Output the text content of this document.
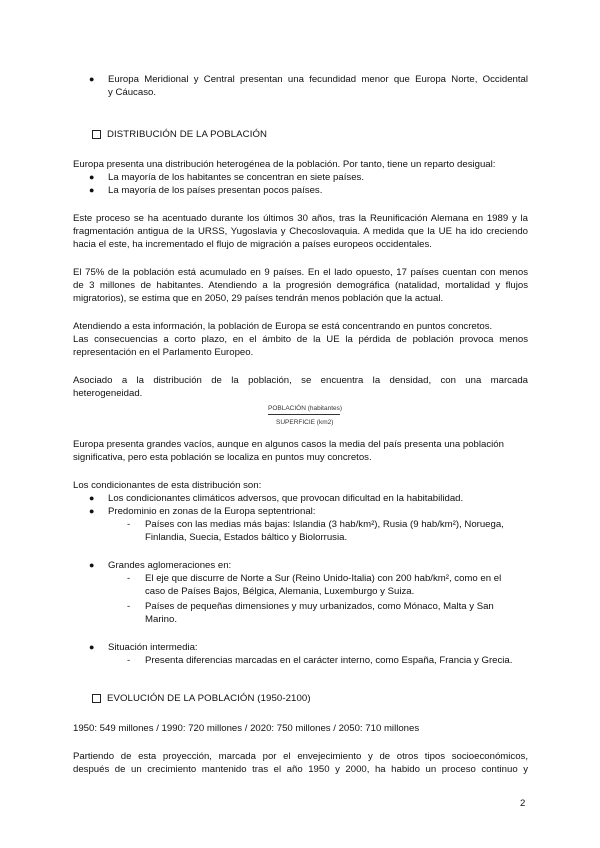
● Europa Meridional y Central presentan una fecundidad menor que Europa Norte, Occidental
y Cáucaso.
DISTRIBUCIÓN DE LA POBLACIÓN
Europa presenta una distribución heterogénea de la población. Por tanto, tiene un reparto desigual:
● La mayoría de los habitantes se concentran en siete países.
● La mayoría de los países presentan pocos países.
Este proceso se ha acentuado durante los últimos 30 años, tras la Reunificación Alemana en 1989 y la
fragmentación antigua de la URSS, Yugoslavia y Checoslovaquia. A medida que la UE ha ido creciendo
hacia el este, ha incrementado el flujo de migración a países europeos occidentales.
El 75% de la población está acumulado en 9 países. En el lado opuesto, 17 países cuentan con menos
de 3 millones de habitantes. Atendiendo a la progresión demográfica (natalidad, mortalidad y flujos
migratorios), se estima que en 2050, 29 países tendrán menos población que la actual.
Atendiendo a esta información, la población de Europa se está concentrando en puntos concretos.
Las consecuencias a corto plazo, en el ámbito de la UE la pérdida de población provoca menos
representación en el Parlamento Europeo.
Asociado a la distribución de la población, se encuentra la densidad, con una marcada
heterogeneidad.
POBLACIÓN (habitantes)
SUPERFICIE (km2)
Europa presenta grandes vacíos, aunque en algunos casos la media del país presenta una población
significativa, pero esta población se localiza en puntos muy concretos.
Los condicionantes de esta distribución son:
● Los condicionantes climáticos adversos, que provocan dificultad en la habitabilidad.
● Predominio en zonas de la Europa septentrional:
- Países con las medias más bajas: Islandia (3 hab/km²), Rusia (9 hab/km²), Noruega,
Finlandia, Suecia, Estados báltico y Biolorrusia.
● Grandes aglomeraciones en:
- El eje que discurre de Norte a Sur (Reino Unido-Italia) con 200 hab/km², como en el
caso de Países Bajos, Bélgica, Alemania, Luxemburgo y Suiza.
- Países de pequeñas dimensiones y muy urbanizados, como Mónaco, Malta y San
Marino.
● Situación intermedia:
- Presenta diferencias marcadas en el carácter interno, como España, Francia y Grecia.
EVOLUCIÓN DE LA POBLACIÓN (1950-2100)
1950: 549 millones / 1990: 720 millones / 2020: 750 millones / 2050: 710 millones
Partiendo de esta proyección, marcada por el envejecimiento y de otros tipos socioeconómicos,
después de un crecimiento mantenido tras el año 1950 y 2000, ha habido un proceso continuo y
2
